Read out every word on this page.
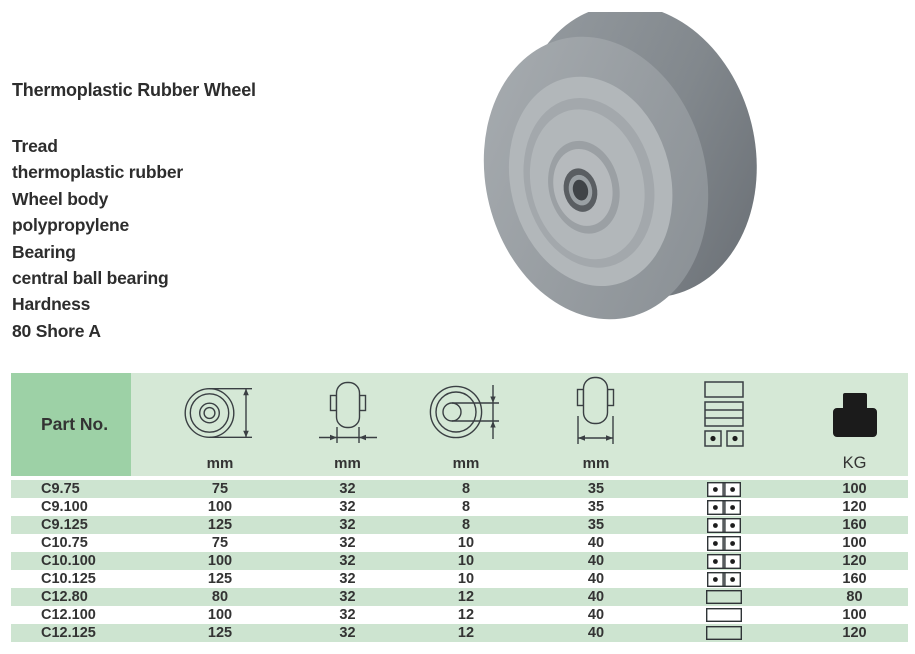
Thermoplastic Rubber Wheel
Tread
thermoplastic rubber
Wheel body
polypropylene
Bearing
central ball bearing
Hardness
80 Shore A
Part No.
mm	mm	mm	mm	KG
C9.75	75	32	8	35	100
C9.100	100	32	8	35	120
C9.125	125	32	8	35	160
C10.75	75	32	10	40	100
C10.100	100	32	10	40	120
C10.125	125	32	10	40	160
C12.80	80	32	12	40	80
C12.100	100	32	12	40	100
C12.125	125	32	12	40	120
